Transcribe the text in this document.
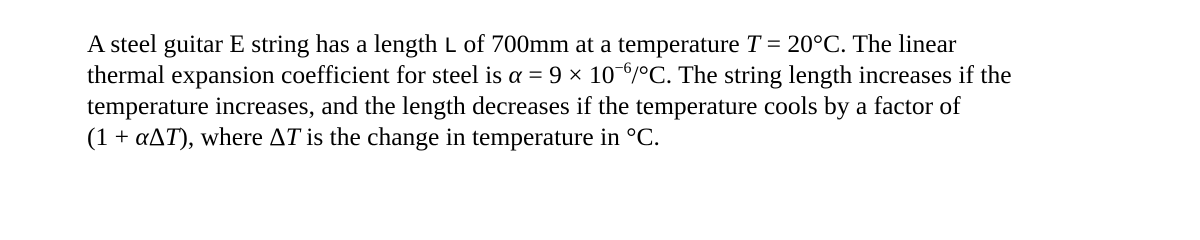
A steel guitar E string has a length L of 700mm at a temperature T = 20°C. The linear
thermal expansion coefficient for steel is $\alpha = 9 \times 10^{-6}/^\circ C$. The string length increases if the
temperature increases, and the length decreases if the temperature cools by a factor of
(1 + αΔT), where ΔT is the change in temperature in °C.
